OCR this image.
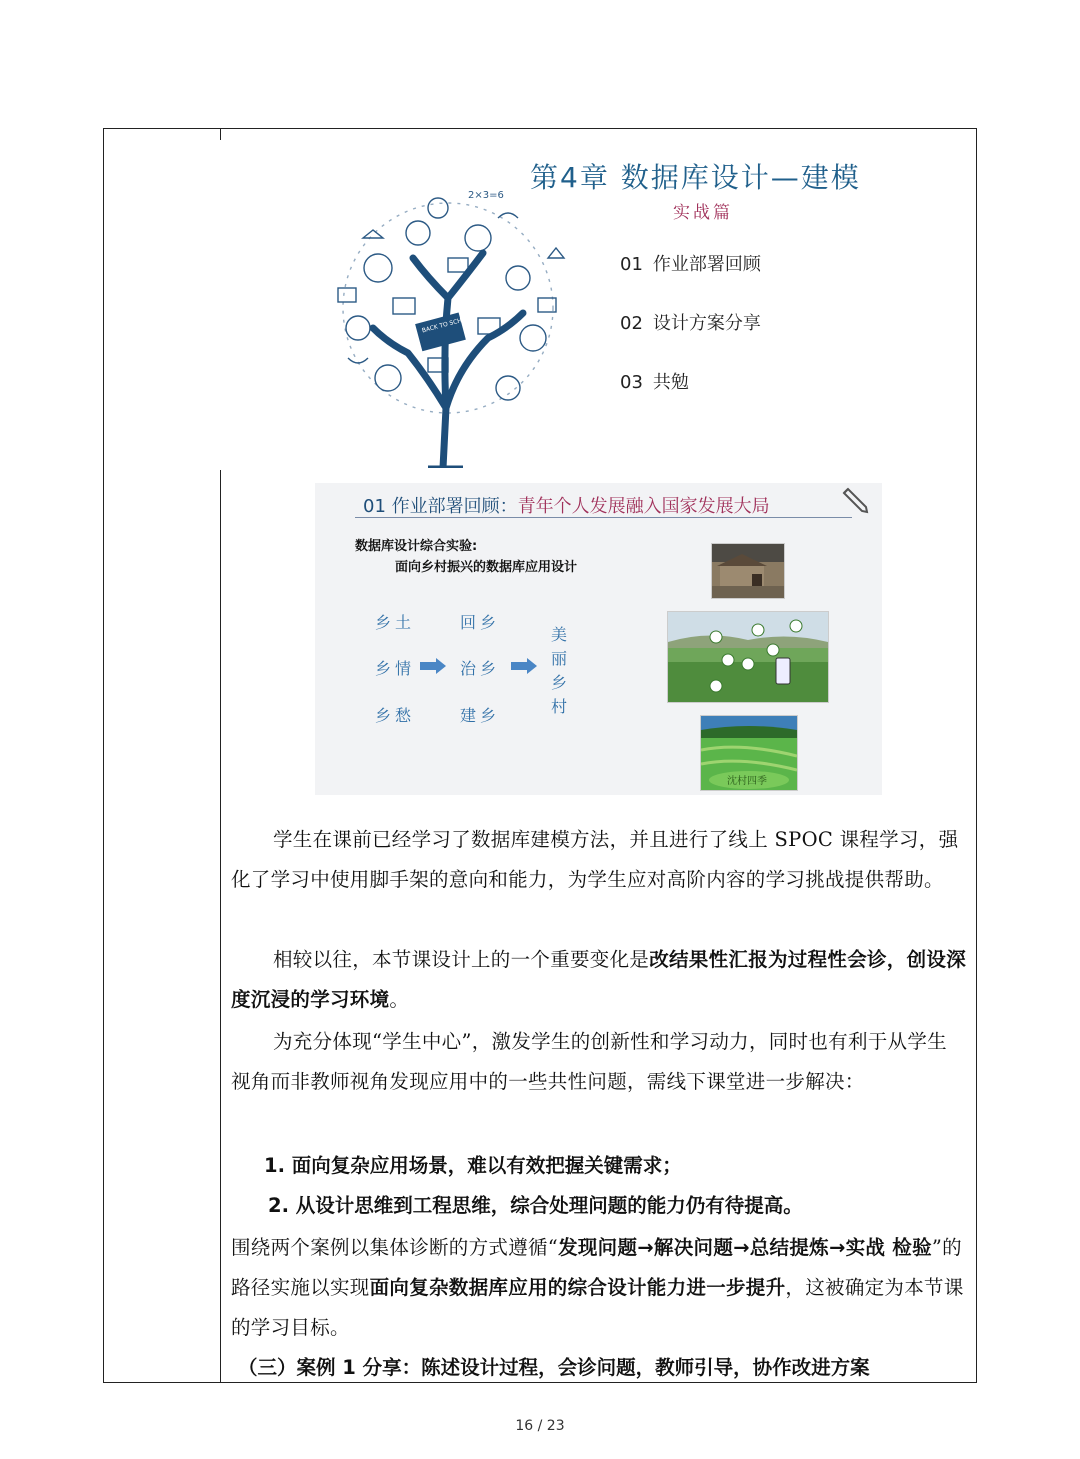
BACK TO SCHOOL!
2×3=6
第4章 数据库设计—建模
实战篇
01 作业部署回顾
02 设计方案分享
03 共勉
01 作业部署回顾：青年个人发展融入国家发展大局
数据库设计综合实验:
面向乡村振兴的数据库应用设计
乡土
乡情
乡愁
回乡
治乡
建乡
美丽乡村
沈村四季
学生在课前已经学习了数据库建模方法，并且进行了线上 SPOC 课程学习，强化了学习中使用脚手架的意向和能力，为学生应对高阶内容的学习挑战提供帮助。
相较以往，本节课设计上的一个重要变化是改结果性汇报为过程性会诊，创设深度沉浸的学习环境。
为充分体现“学生中心”，激发学生的创新性和学习动力，同时也有利于从学生视角而非教师视角发现应用中的一些共性问题，需线下课堂进一步解决：
1. 面向复杂应用场景，难以有效把握关键需求；
2. 从设计思维到工程思维，综合处理问题的能力仍有待提高。
围绕两个案例以集体诊断的方式遵循“发现问题→解决问题→总结提炼→实战 检验”的路径实施以实现面向复杂数据库应用的综合设计能力进一步提升，这被确定为本节课的学习目标。
（三）案例 1 分享：陈述设计过程，会诊问题，教师引导，协作改进方案
16 / 23
